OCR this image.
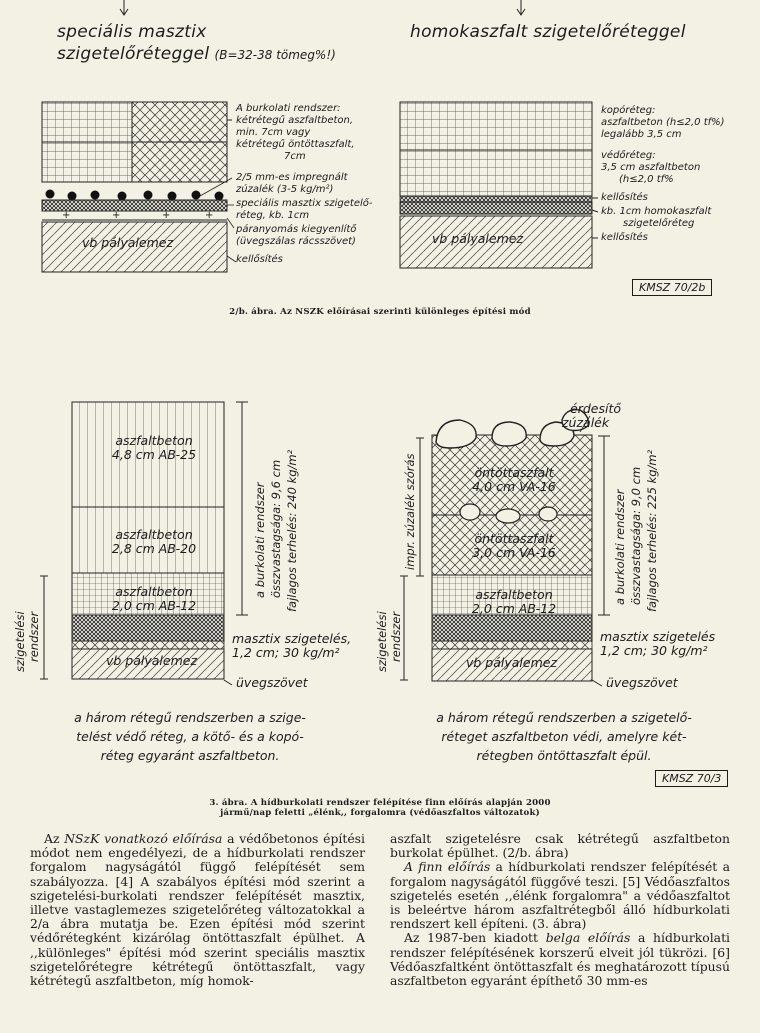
+	+	+	+
speciális masztix
szigetelőréteggel (B=32-38 tömeg%!)
homokaszfalt szigetelőréteggel
A burkolati rendszer:
kétrétegű aszfaltbeton,
min. 7cm vagy
kétrétegű öntöttaszfalt,
7cm
2/5 mm-es impregnált
zúzalék (3-5 kg/m²)
speciális masztix szigetelő-
réteg, kb. 1cm
páranyomás kiegyenlítő
(üvegszálas rácsszövet)
kellősítés
vb pályalemez
kopóréteg:
aszfaltbeton (h≤2,0 tf%)
legalább 3,5 cm
védőréteg:
3,5 cm aszfaltbeton
(h≤2,0 tf%
kellősítés
kb. 1cm homokaszfalt
szigetelőréteg
kellősítés
vb pályalemez
KMSZ 70/2b
2/b. ábra. Az NSZK előírásai szerinti különleges építési mód
a burkolati rendszer összvastagsága: 9,6 cm fajlagos terhelés: 240 kg/m²
szigetelési rendszer
a burkolati rendszer összvastagsága: 9,0 cm fajlagos terhelés: 225 kg/m²
szigetelési rendszer
impr. zúzalék szórás
aszfaltbeton
4,8 cm AB-25
aszfaltbeton
2,8 cm AB-20
aszfaltbeton
2,0 cm AB-12
masztix szigetelés,
1,2 cm; 30 kg/m²
vb pályalemez
üvegszövet
érdesítő
zúzalék
öntöttaszfalt
4,0 cm VA-16
öntöttaszfalt
3,0 cm VA-16
aszfaltbeton
2,0 cm AB-12
masztix szigetelés
1,2 cm; 30 kg/m²
vb pályalemez
üvegszövet
a három rétegű rendszerben a szige-
telést védő réteg, a kötő- és a kopó-
réteg egyaránt aszfaltbeton.
a három rétegű rendszerben a szigetelő-
réteget aszfaltbeton védi, amelyre két-
rétegben öntöttaszfalt épül.
KMSZ 70/3
3. ábra. A hídburkolati rendszer felépítése finn előírás alapján 2000
jármű/nap feletti „élénk,, forgalomra (védőaszfaltos változatok)

Az NSzK vonatkozó előírása a védőbetonos építési módot nem engedélyezi, de a hídburkolati rendszer forgalom nagyságától függő felépítését sem szabályozza. [4] A szabályos építési mód szerint a szigetelési-burkolati rendszer felépítését masztix, illetve vastaglemezes szigetelőréteg változatokkal a 2/a ábra mutatja be. Ezen építési mód szerint védőrétegként kizárólag öntöttaszfalt épülhet. A ,,különleges" építési mód szerint speciális masztix szigetelőrétegre kétrétegű öntöttaszfalt, vagy kétrétegű aszfaltbeton, míg homok-

aszfalt szigetelésre csak kétrétegű aszfaltbeton burkolat épülhet. (2/b. ábra)

A finn előírás a hídburkolati rendszer felépítését a forgalom nagyságától függővé teszi. [5] Védőaszfaltos szigetelés esetén ,,élénk forgalomra" a védőaszfaltot is beleértve három aszfaltrétegből álló hídburkolati rendszert kell építeni. (3. ábra)

Az 1987-ben kiadott belga előírás a hídburkolati rendszer felépítésének korszerű elveit jól tükrözi. [6] Védőaszfaltként öntöttaszfalt és meghatározott típusú aszfaltbeton egyaránt építhető 30 mm-es
